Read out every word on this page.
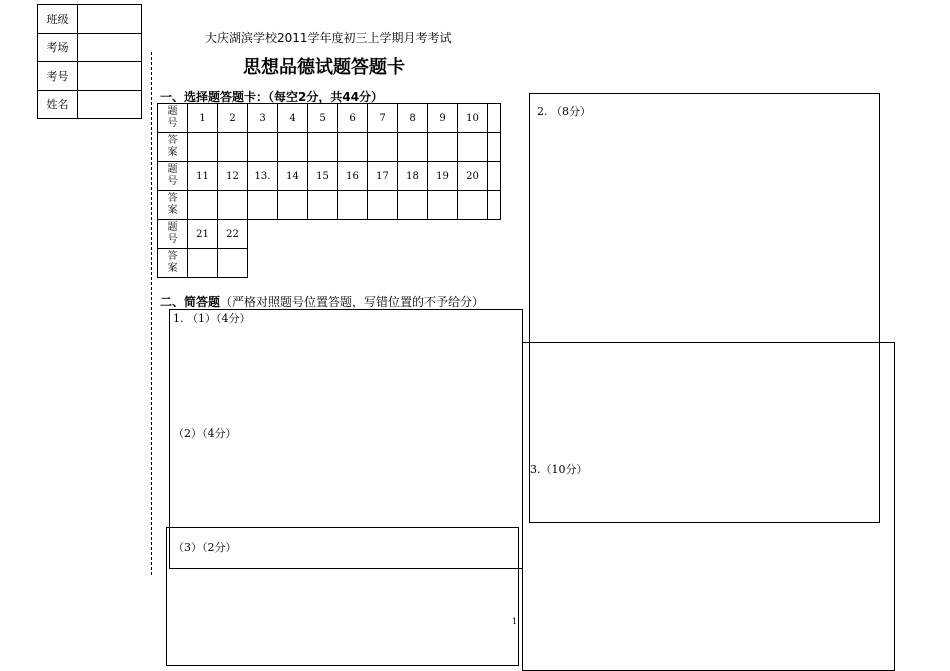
班级	
考场	
考号	
姓名	
大庆湖滨学校2011学年度初三上学期月考考试
思想品德试题答题卡
一、选择题答题卡：（每空2分，共44分）
题
号	1	2	3	4	5	6	7	8	9	10	
答
案											
题
号	11	12	13.	14	15	16	17	18	19	20	
答
案											
题
号	21	22									
答
案											
二、简答题（严格对照题号位置答题，写错位置的不予给分）
1. （1）（4分）
（2）（4分）
（3）（2分）
2. （8分）
3.（10分）
1
